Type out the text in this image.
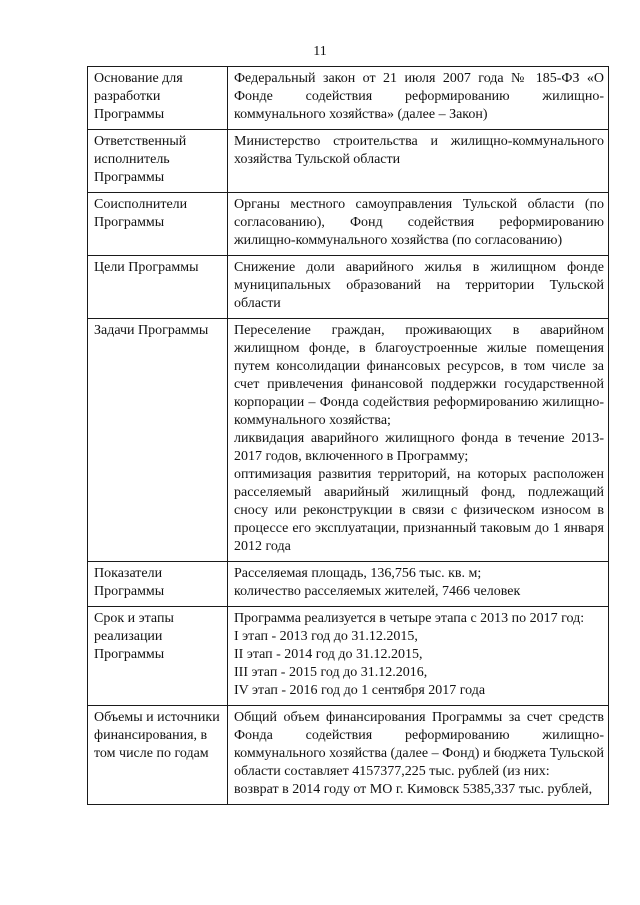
11
Основание для разработки Программы	Федеральный закон от 21 июля 2007 года № 185-ФЗ «О Фонде содействия реформированию жилищно-коммунального хозяйства» (далее – Закон)

Ответственный исполнитель Программы	Министерство строительства и жилищно-коммунального хозяйства Тульской области

Соисполнители Программы	Органы местного самоуправления Тульской области (по согласованию), Фонд содействия реформированию жилищно-коммунального хозяйства (по согласованию)

Цели Программы	Снижение доли аварийного жилья в жилищном фонде муниципальных образований на территории Тульской области

Задачи Программы	Переселение граждан, проживающих в аварийном жилищном фонде, в благоустроенные жилые помещения путем консолидации финансовых ресурсов, в том числе за счет привлечения финансовой поддержки государственной корпорации – Фонда содействия реформированию жилищно-коммунального хозяйства;

ликвидация аварийного жилищного фонда в течение 2013-2017 годов, включенного в Программу;

оптимизация развития территорий, на которых расположен расселяемый аварийный жилищный фонд, подлежащий сносу или реконструкции в связи с физическом износом в процессе его эксплуатации, признанный таковым до 1 января 2012 года

Показатели Программы	Расселяемая площадь, 136,756 тыс. кв. м;

количество расселяемых жителей, 7466 человек

Срок и этапы реализации Программы	Программа реализуется в четыре этапа с 2013 по 2017 год:

I этап - 2013 год до 31.12.2015,

II этап - 2014 год до 31.12.2015,

III этап - 2015 год до 31.12.2016,

IV этап - 2016 год до 1 сентября 2017 года

Объемы и источники финансирования, в том числе по годам	Общий объем финансирования Программы за счет средств Фонда содействия реформированию жилищно-коммунального хозяйства (далее – Фонд) и бюджета Тульской области составляет 4157377,225 тыс. рублей (из них:

возврат в 2014 году от МО г. Кимовск 5385,337 тыс. рублей,
